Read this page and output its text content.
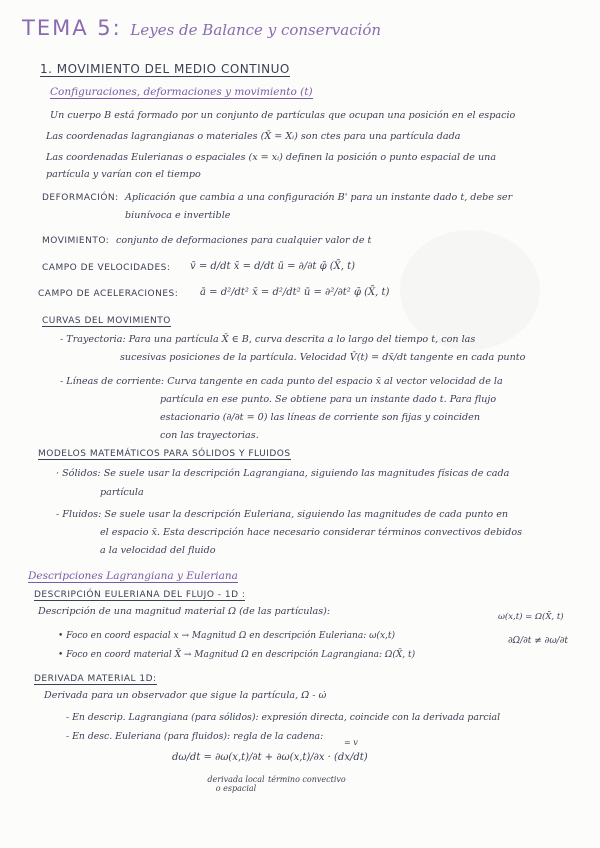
TEMA 5: Leyes de Balance y conservación
1. MOVIMIENTO DEL MEDIO CONTINUO
Configuraciones, deformaciones y movimiento (t)
Un cuerpo B está formado por un conjunto de partículas que ocupan una posición en el espacio
Las coordenadas lagrangianas o materiales (X̄ = Xᵢ) son ctes para una partícula dada
Las coordenadas Eulerianas o espaciales (x = xᵢ) definen la posición o punto espacial de una
partícula y varían con el tiempo
DEFORMACIÓN: Aplicación que cambia a una configuración B' para un instante dado t, debe ser
biunívoca e invertible
MOVIMIENTO: conjunto de deformaciones para cualquier valor de t
CAMPO DE VELOCIDADES: v̄ = d/dt x̄ = d/dt ū = ∂/∂t φ̄ (X̄, t)
CAMPO DE ACELERACIONES: ā = d²/dt² x̄ = d²/dt² ū = ∂²/∂t² φ̄ (X̄, t)
CURVAS DEL MOVIMIENTO
- Trayectoria: Para una partícula X̄ ∈ B, curva descrita a lo largo del tiempo t, con las
sucesivas posiciones de la partícula. Velocidad V̄(t) = dx̄/dt tangente en cada punto
- Líneas de corriente: Curva tangente en cada punto del espacio x̄ al vector velocidad de la
partícula en ese punto. Se obtiene para un instante dado t. Para flujo
estacionario (∂/∂t = 0) las líneas de corriente son fijas y coinciden
con las trayectorias.
MODELOS MATEMÁTICOS PARA SÓLIDOS Y FLUIDOS
· Sólidos: Se suele usar la descripción Lagrangiana, siguiendo las magnitudes físicas de cada
partícula
- Fluidos: Se suele usar la descripción Euleriana, siguiendo las magnitudes de cada punto en
el espacio x̄. Esta descripción hace necesario considerar términos convectivos debidos
a la velocidad del fluido
Descripciones Lagrangiana y Euleriana
DESCRIPCIÓN EULERIANA DEL FLUJO - 1D :
Descripción de una magnitud material Ω (de las partículas):
• Foco en coord espacial x → Magnitud Ω en descripción Euleriana: ω(x,t)
• Foco en coord material X̄ → Magnitud Ω en descripción Lagrangiana: Ω(X̄, t)
ω(x,t) = Ω(X̄, t)
∂Ω/∂t ≠ ∂ω/∂t
DERIVADA MATERIAL 1D:
Derivada para un observador que sigue la partícula, Ω̇ - ω̇
- En descrip. Lagrangiana (para sólidos): expresión directa, coincide con la derivada parcial
- En desc. Euleriana (para fluidos): regla de la cadena:
dω/dt = ∂ω(x,t)/∂t + ∂ω(x,t)/∂x · (dx/dt)
= v
derivada local o espacial
término convectivo
